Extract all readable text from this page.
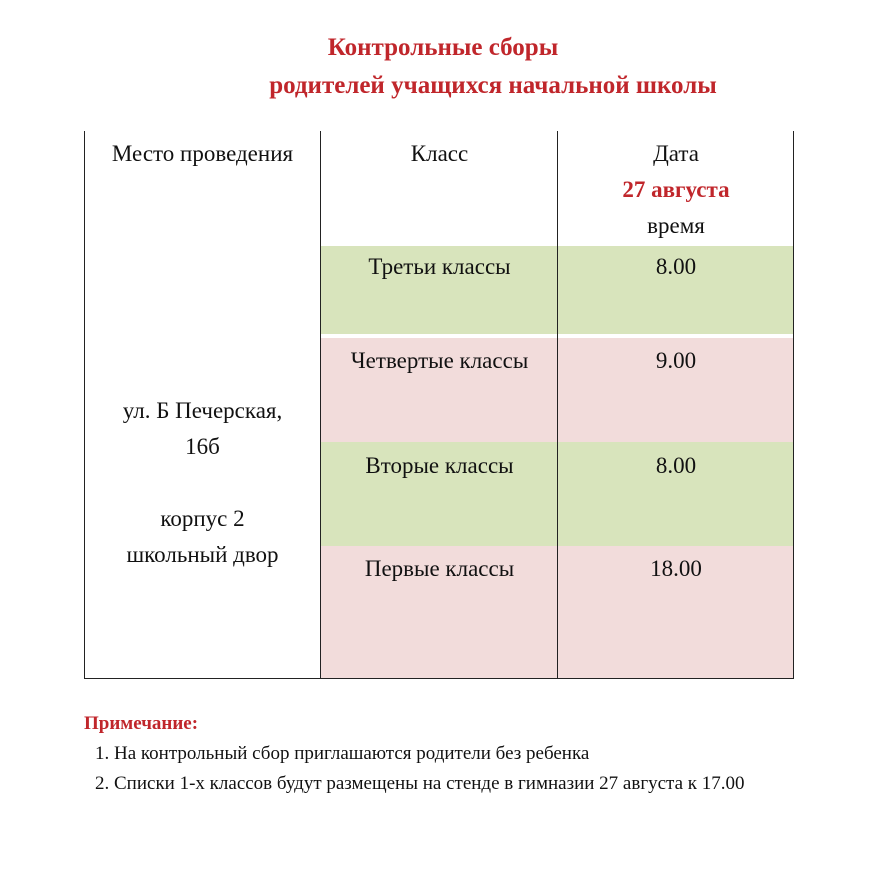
Контрольные сборы
родителей учащихся начальной школы
Место проведения	Класс	Дата
27 августа
время
ул. Б Печерская,
16б

корпус 2
школьный двор
Третьи классы	8.00
Четвертые классы	9.00
Вторые классы	8.00
Первые классы	18.00
Примечание:
1. На контрольный сбор приглашаются родители без ребенка
2. Списки 1-х классов будут размещены на стенде в гимназии 27 августа к 17.00
